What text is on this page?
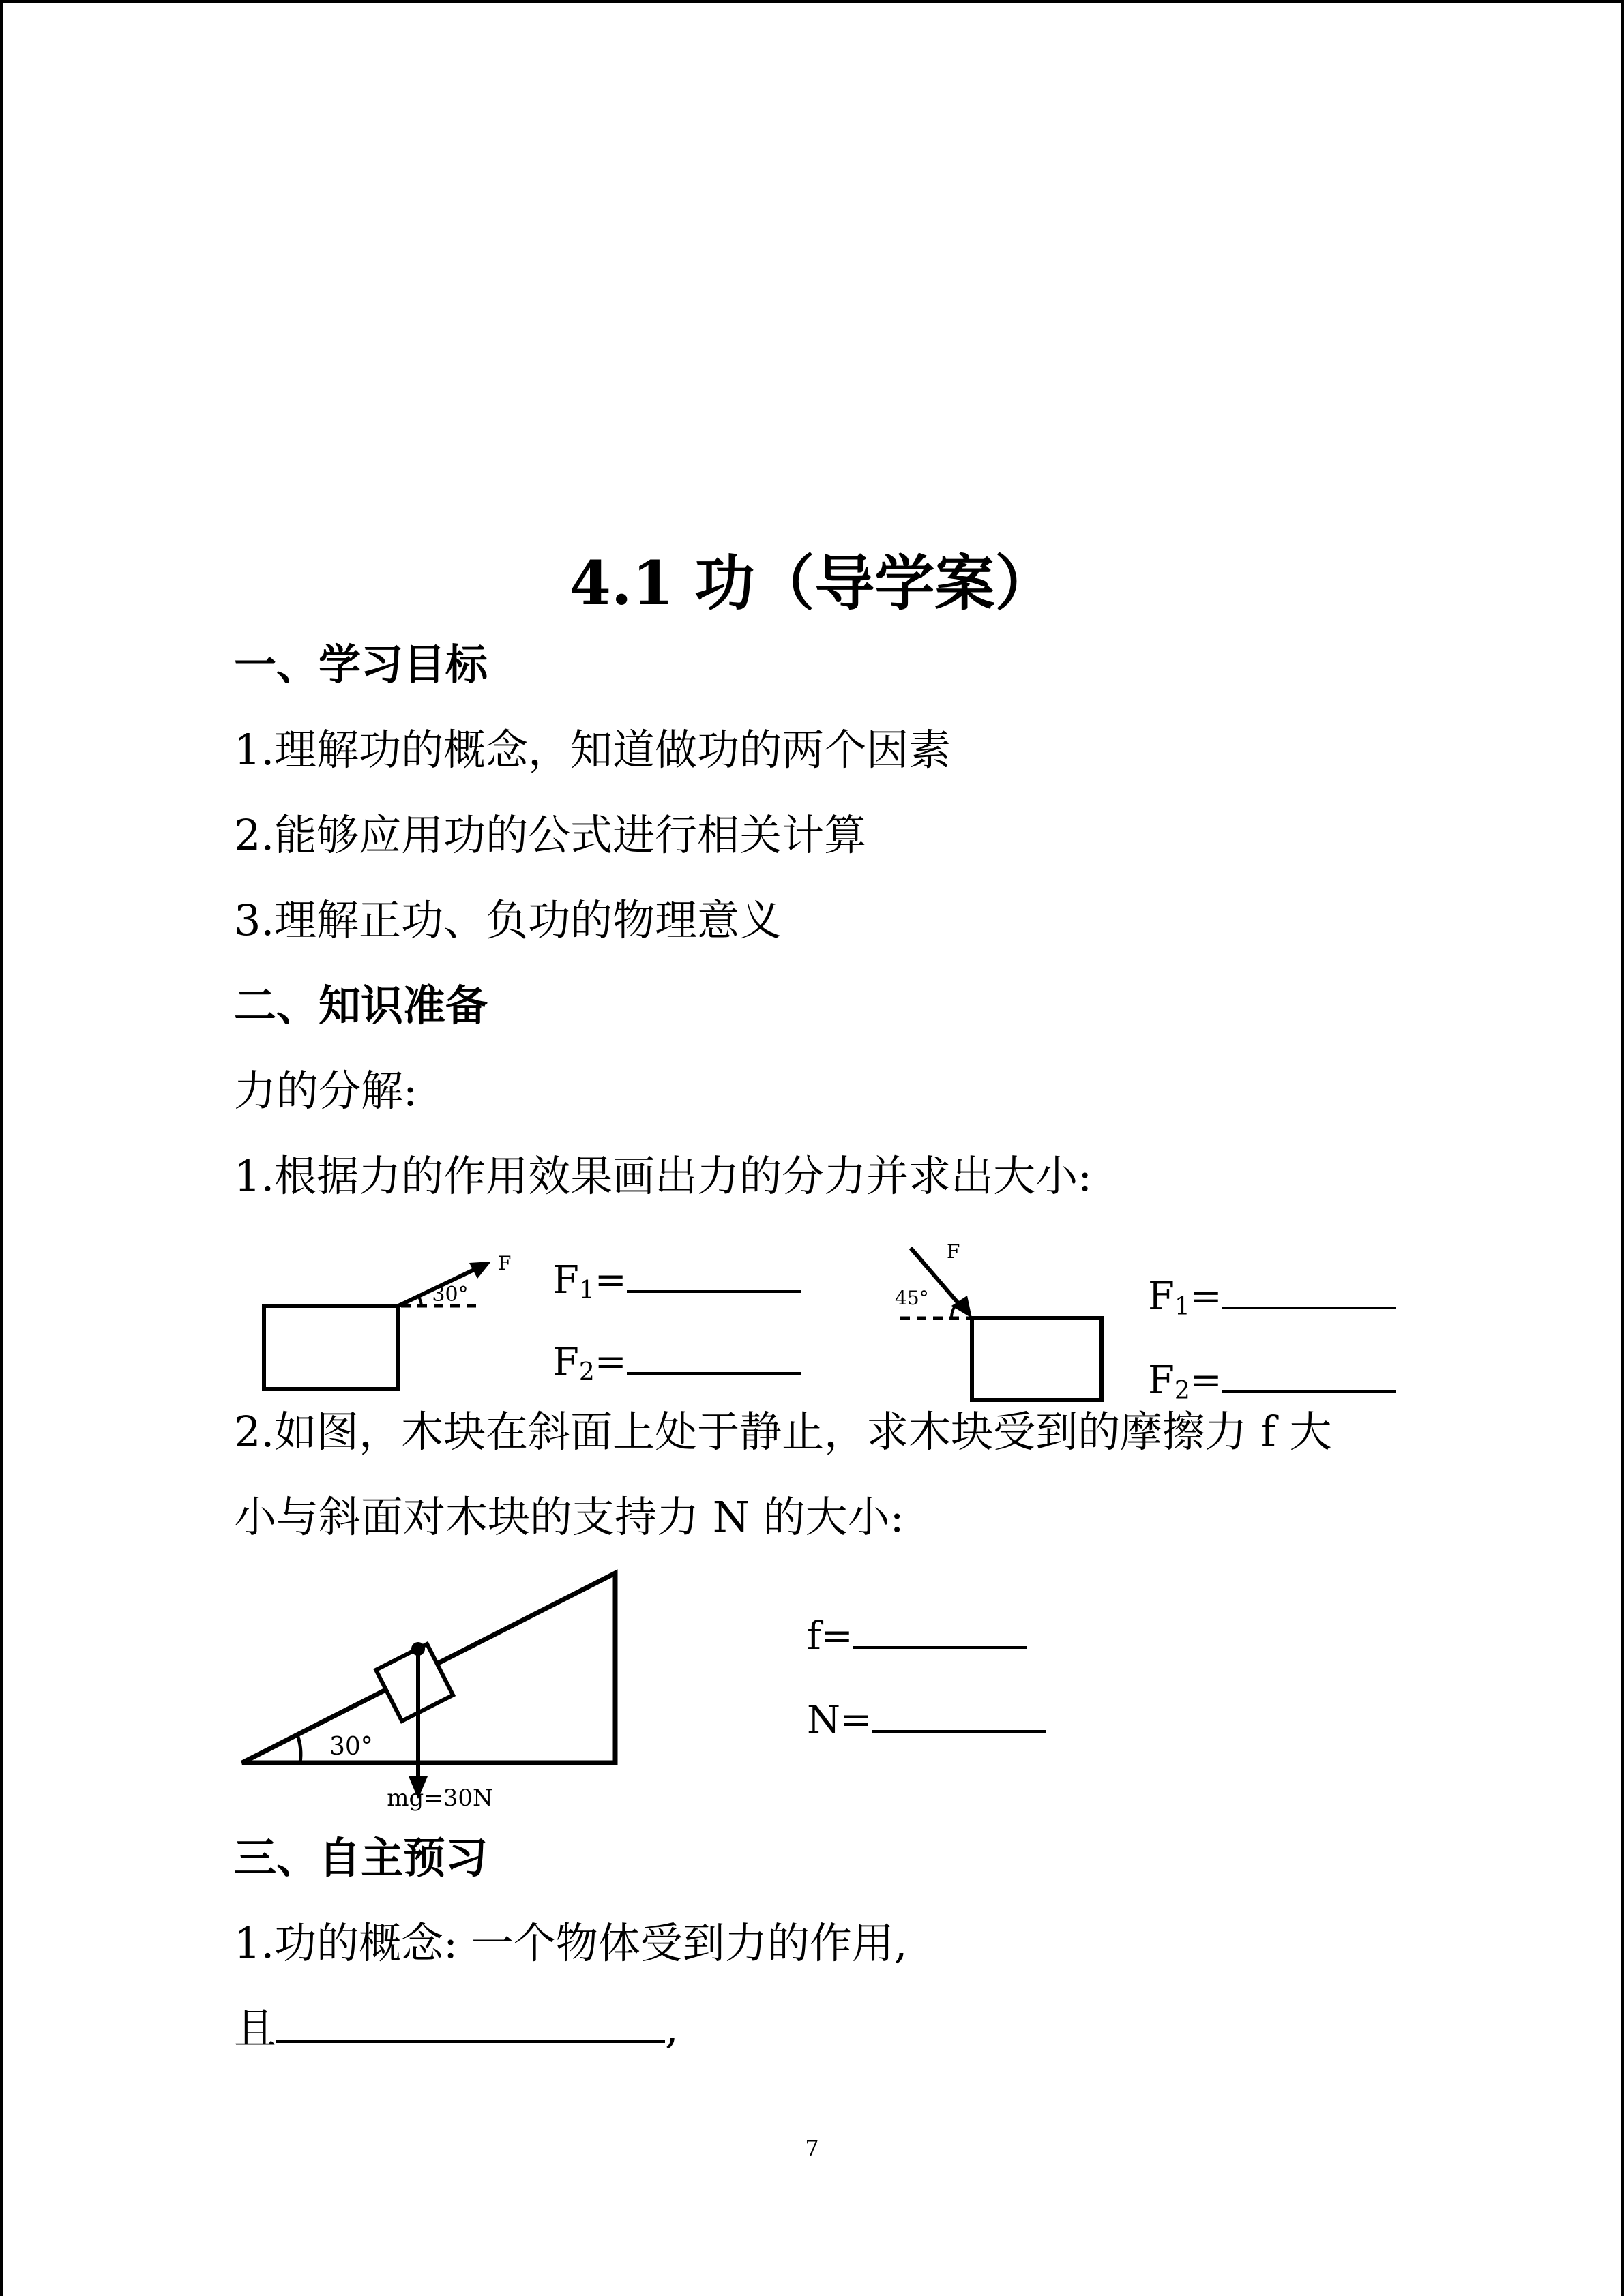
4.1 功（导学案）
一、学习目标
1.理解功的概念，知道做功的两个因素
2.能够应用功的公式进行相关计算
3.理解正功、负功的物理意义
二、知识准备
力的分解:
1.根据力的作用效果画出力的分力并求出大小:
30°
F $F_1=$
$F_2=$
45°
F
$F_1=$
$F_2=$
2.如图，木块在斜面上处于静止，求木块受到的摩擦力 f 大
小与斜面对木块的支持力 N 的大小:
30°
mg=30N
f=
N=
三、自主预习
1.功的概念: 一个物体受到力的作用,
且	,
7
